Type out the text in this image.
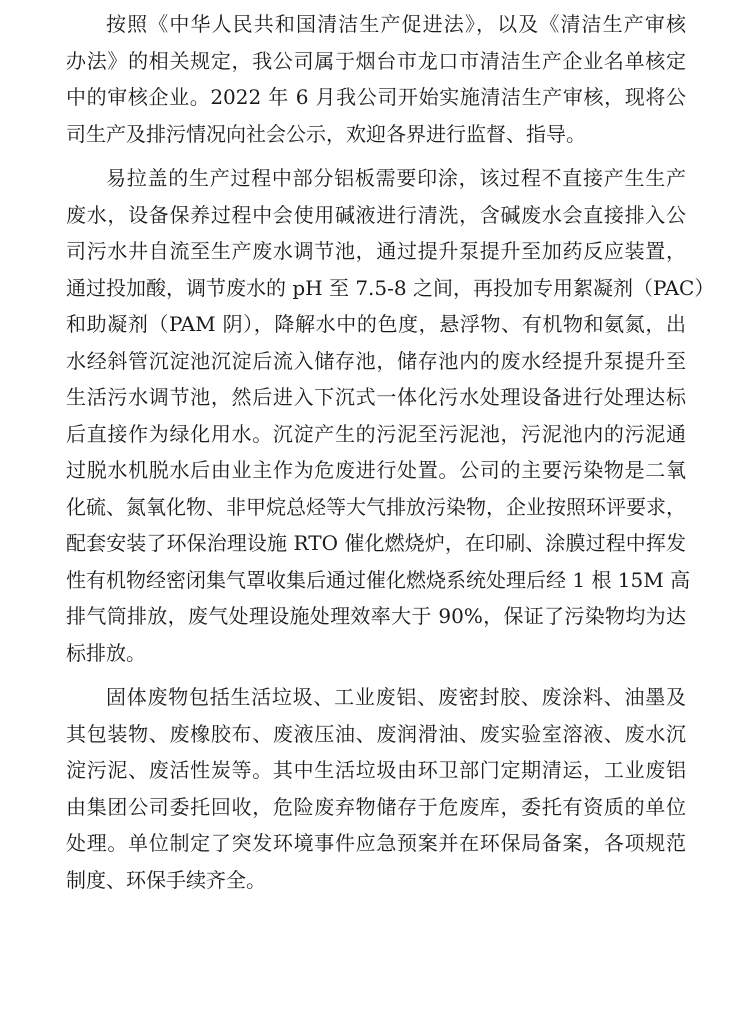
按照《中华人民共和国清洁生产促进法》，以及《清洁生产审核
办法》的相关规定，我公司属于烟台市龙口市清洁生产企业名单核定
中的审核企业。2022 年 6 月我公司开始实施清洁生产审核，现将公
司生产及排污情况向社会公示，欢迎各界进行监督、指导。
易拉盖的生产过程中部分铝板需要印涂，该过程不直接产生生产
废水，设备保养过程中会使用碱液进行清洗，含碱废水会直接排入公
司污水井自流至生产废水调节池，通过提升泵提升至加药反应装置，
通过投加酸，调节废水的 pH 至 7.5-8 之间，再投加专用絮凝剂（PAC）
和助凝剂（PAM 阴），降解水中的色度，悬浮物、有机物和氨氮，出
水经斜管沉淀池沉淀后流入储存池，储存池内的废水经提升泵提升至
生活污水调节池，然后进入下沉式一体化污水处理设备进行处理达标
后直接作为绿化用水。沉淀产生的污泥至污泥池，污泥池内的污泥通
过脱水机脱水后由业主作为危废进行处置。公司的主要污染物是二氧
化硫、氮氧化物、非甲烷总烃等大气排放污染物，企业按照环评要求，
配套安装了环保治理设施 RTO 催化燃烧炉，在印刷、涂膜过程中挥发
性有机物经密闭集气罩收集后通过催化燃烧系统处理后经 1 根 15M 高
排气筒排放，废气处理设施处理效率大于 90%，保证了污染物均为达
标排放。
固体废物包括生活垃圾、工业废铝、废密封胶、废涂料、油墨及
其包装物、废橡胶布、废液压油、废润滑油、废实验室溶液、废水沉
淀污泥、废活性炭等。其中生活垃圾由环卫部门定期清运，工业废铝
由集团公司委托回收，危险废弃物储存于危废库，委托有资质的单位
处理。单位制定了突发环境事件应急预案并在环保局备案，各项规范
制度、环保手续齐全。
